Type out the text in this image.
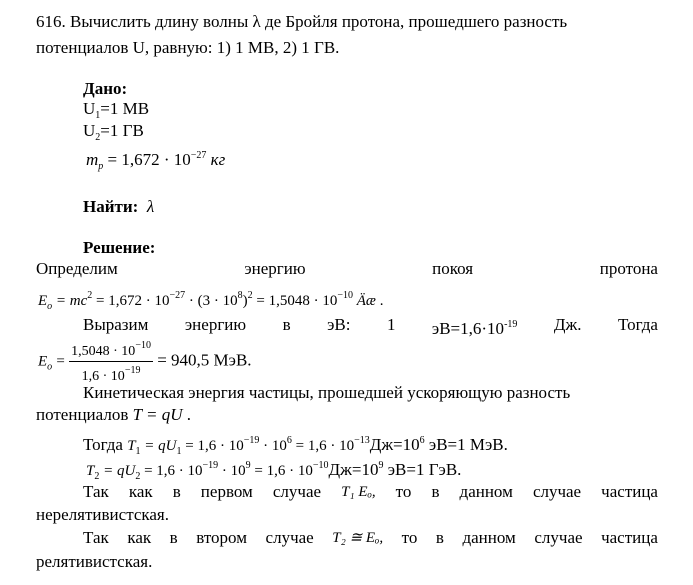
616. Вычислить длину волны λ де Бройля протона, прошедшего разность
потенциалов U, равную: 1) 1 МВ, 2) 1 ГВ.
Дано:
$U_1=1$ МВ
$U_2=1$ ГВ
$m_p = 1,672 \cdot 10^{-27}$ кг
Найти: λ
Решение:
Определим	энергию	покоя	протона
$E_o = mc^2 = 1,672 \cdot 10^{-27} \cdot (3 \cdot 10^8)^2 = 1,5048 \cdot 10^{-10}$ Äæ .
Выразим энергию в эВ: 1 $эВ=1,6\cdot 10^{-19}$ Дж. Тогда
$E_o = \frac{1,5048 \cdot 10^{-10}}{1,6 \cdot 10^{-19}} = 940,5$ МэВ.
Кинетическая энергия частицы, прошедшей ускоряющую разность
потенциалов T = qU .
Тогда $T_1 = qU_1 = 1,6 \cdot 10^{-19} \cdot 10^6 = 1,6 \cdot 10^{-13}Дж=10^6$ эВ=1 МэВ.
$T_2 = qU_2 = 1,6 \cdot 10^{-19} \cdot 10^9 = 1,6 \cdot 10^{-10}Дж=10^9$ эВ=1 ГэВ.
Так как в первом случае T₁ Eₒ, то в данном случае частица
нерелятивистская.
Так как в втором случае T₂ ≅ Eₒ, то в данном случае частица
релятивистская.
